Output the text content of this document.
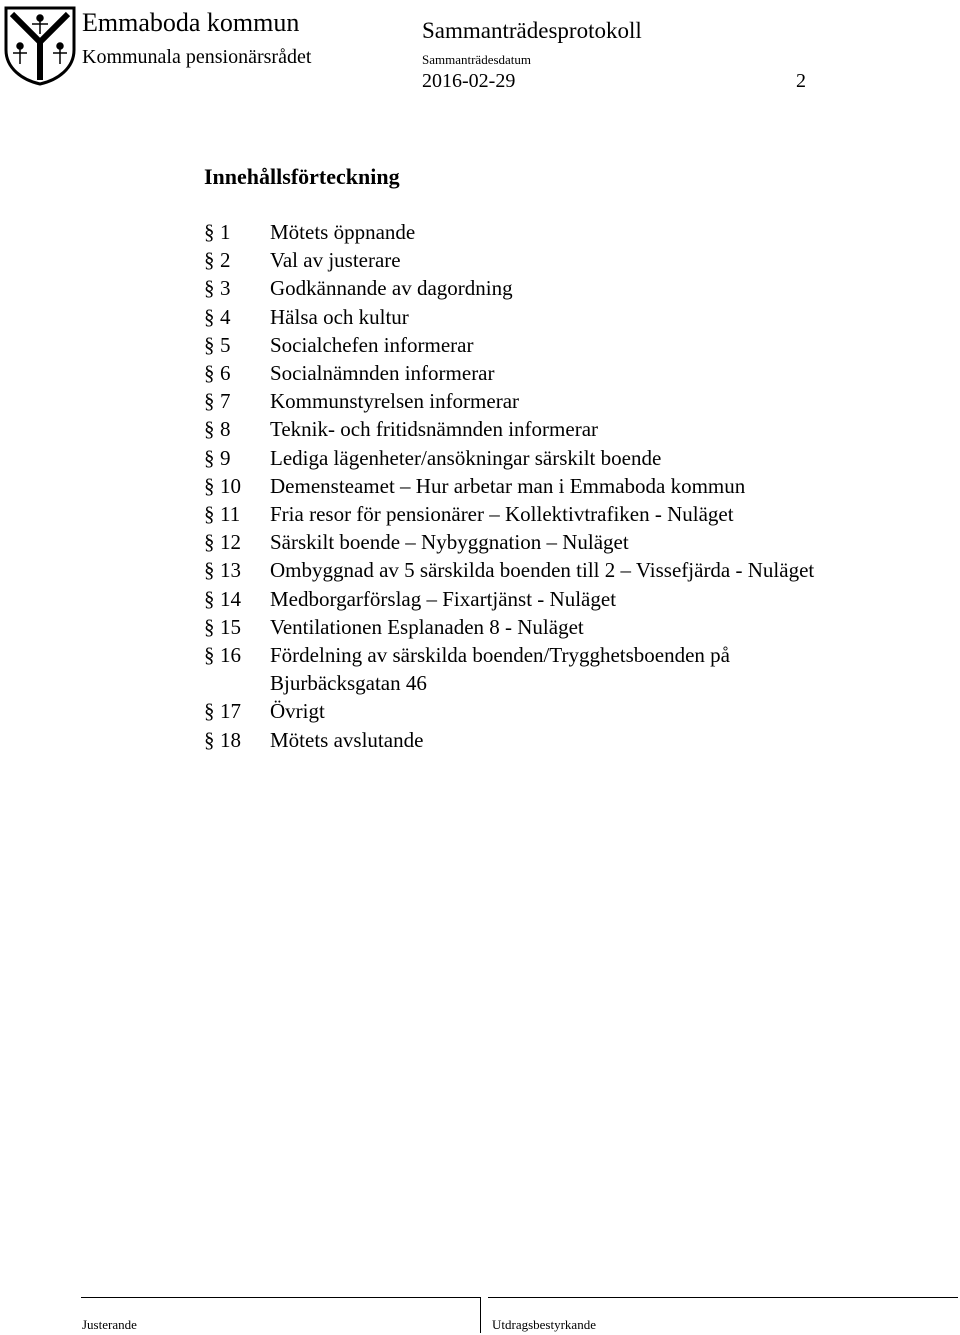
Emmaboda kommun
Kommunala pensionärsrådet
Sammanträdesprotokoll
Sammanträdesdatum
2016-02-29	2
Innehållsförteckning
§ 1	Mötets öppnande
§ 2	Val av justerare
§ 3	Godkännande av dagordning
§ 4	Hälsa och kultur
§ 5	Socialchefen informerar
§ 6	Socialnämnden informerar
§ 7	Kommunstyrelsen informerar
§ 8	Teknik- och fritidsnämnden informerar
§ 9	Lediga lägenheter/ansökningar särskilt boende
§ 10	Demensteamet – Hur arbetar man i Emmaboda kommun
§ 11	Fria resor för pensionärer – Kollektivtrafiken - Nuläget
§ 12	Särskilt boende – Nybyggnation – Nuläget
§ 13	Ombyggnad av 5 särskilda boenden till 2 – Vissefjärda - Nuläget
§ 14	Medborgarförslag – Fixartjänst - Nuläget
§ 15	Ventilationen Esplanaden 8 - Nuläget
§ 16	Fördelning av särskilda boenden/Trygghetsboenden på Bjurbäcksgatan 46
§ 17	Övrigt
§ 18	Mötets avslutande
Justerande	Utdragsbestyrkande
